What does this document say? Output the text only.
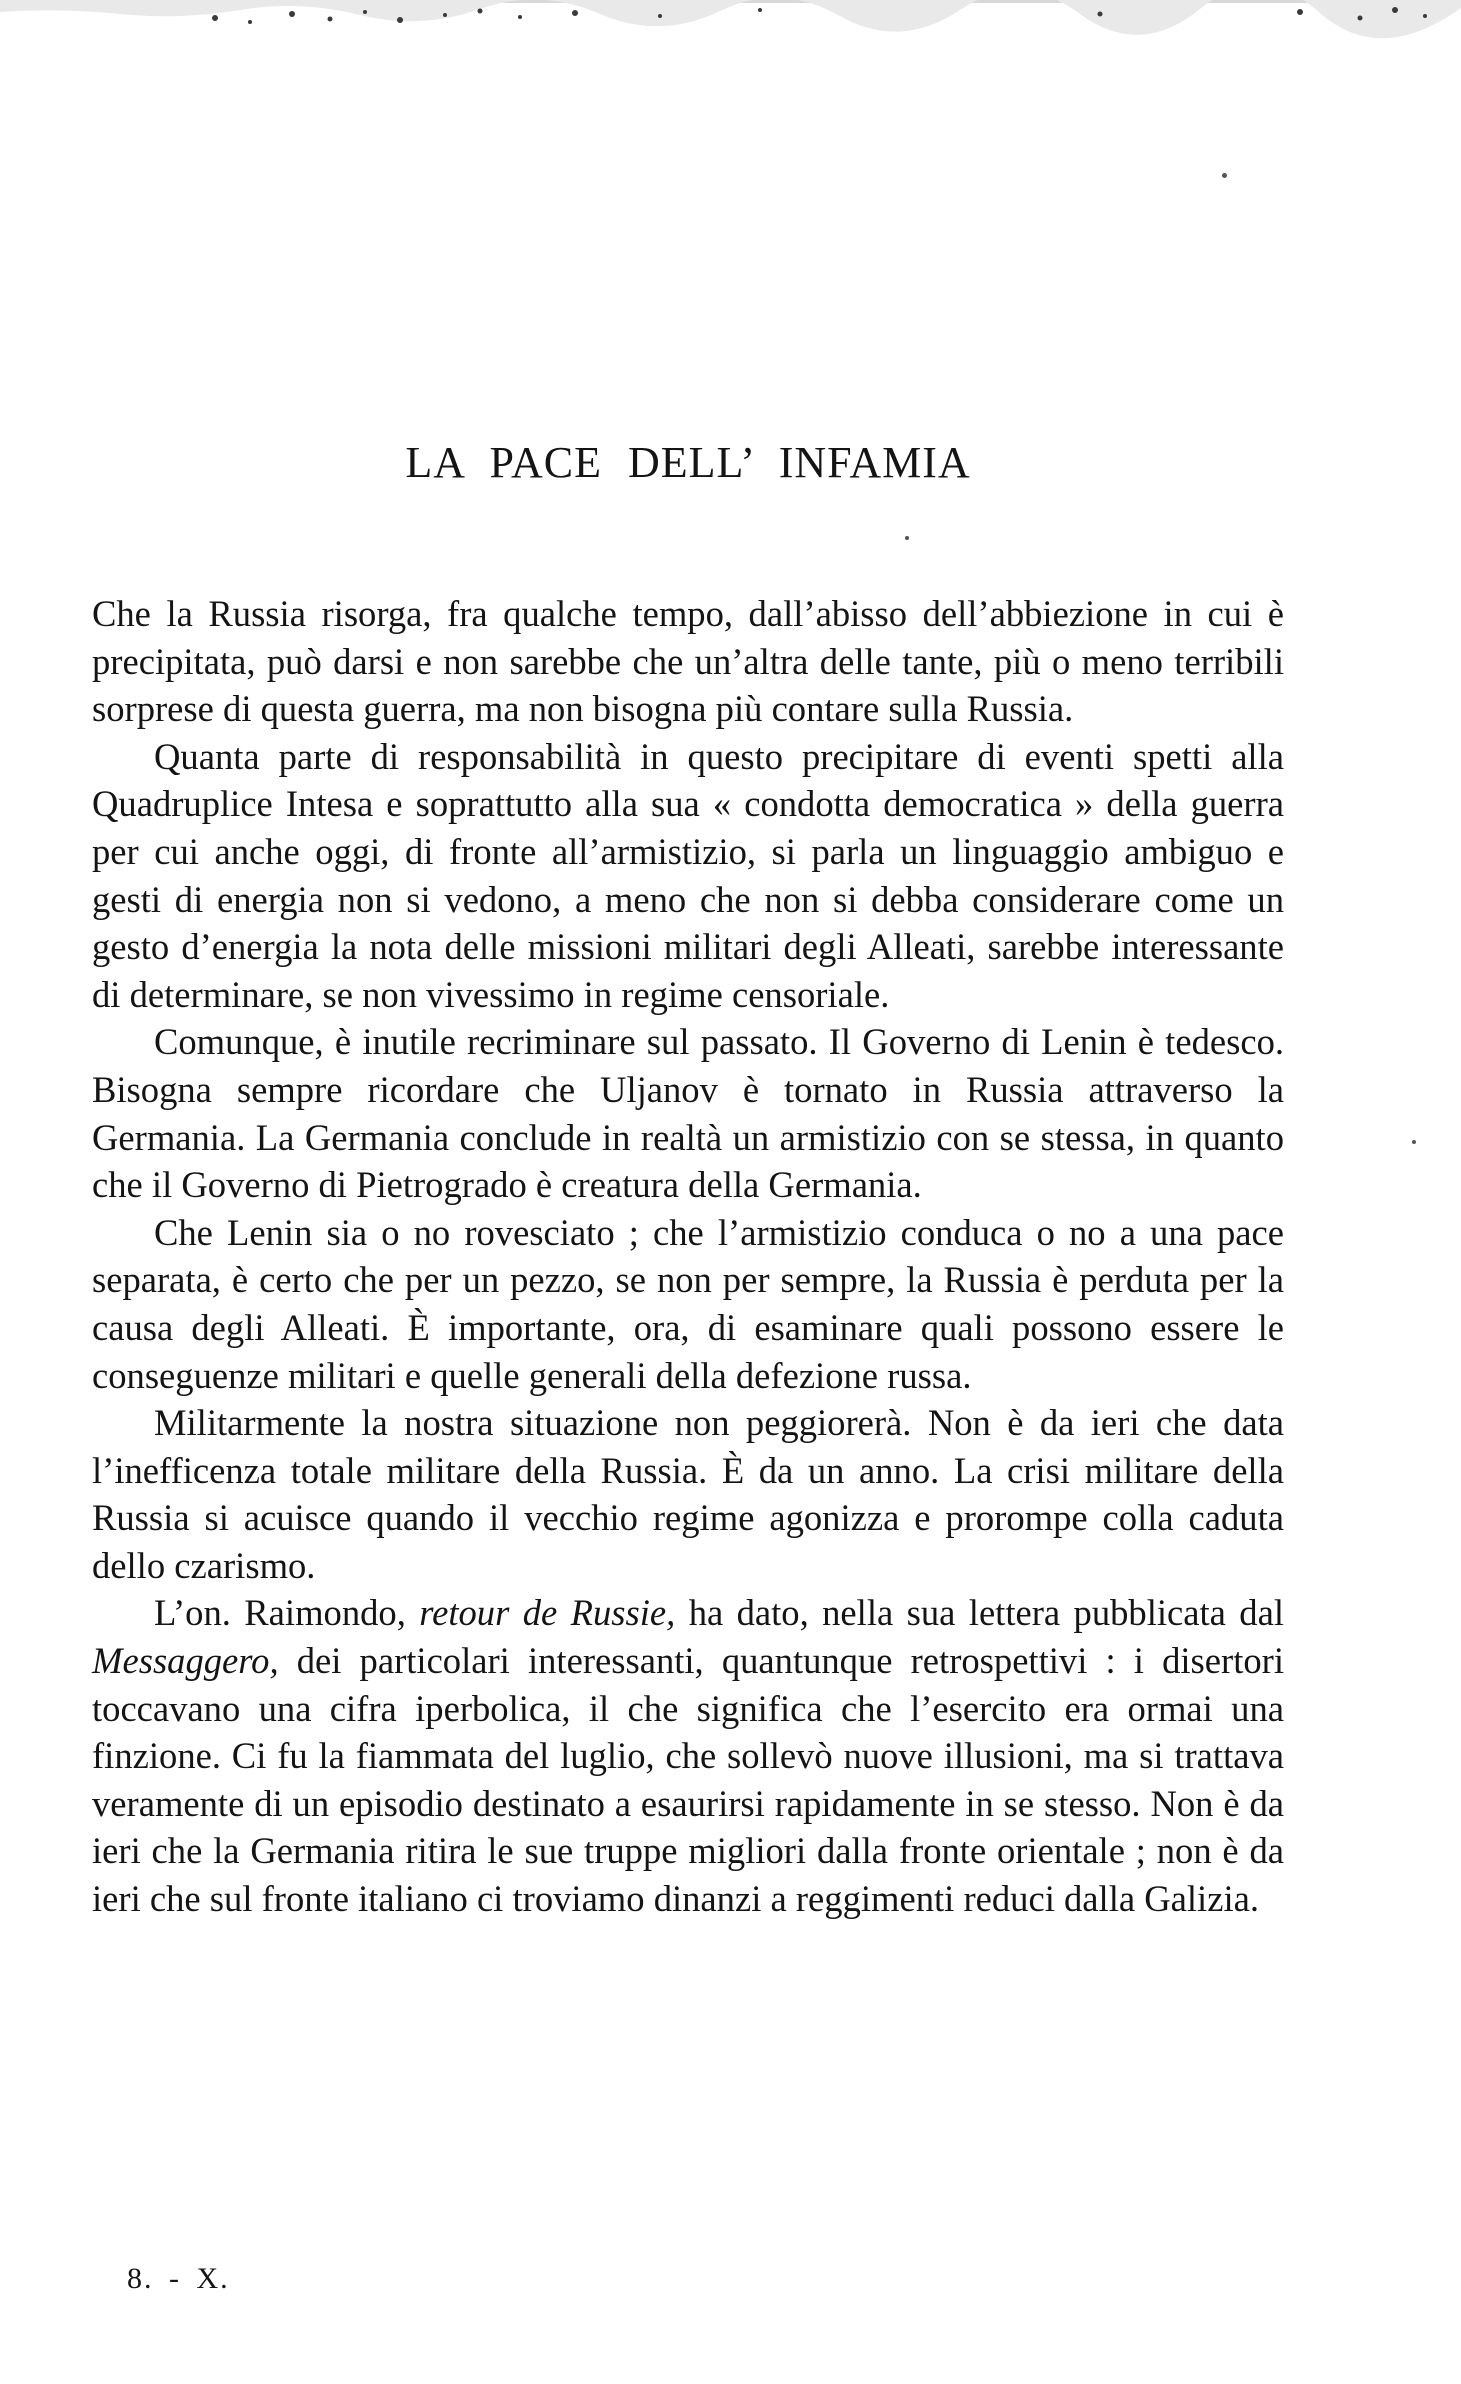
LA PACE DELL’ INFAMIA

Che la Russia risorga, fra qualche tempo, dall’abisso dell’abbiezione in cui è precipitata, può darsi e non sarebbe che un’altra delle tante, più o meno terribili sorprese di questa guerra, ma non bisogna più contare sulla Russia.

Quanta parte di responsabilità in questo precipitare di eventi spetti alla Quadruplice Intesa e soprattutto alla sua « condotta democratica » della guerra per cui anche oggi, di fronte all’armistizio, si parla un linguaggio ambiguo e gesti di energia non si vedono, a meno che non si debba considerare come un gesto d’energia la nota delle missioni militari degli Alleati, sarebbe interessante di determinare, se non vivessimo in regime censoriale.

Comunque, è inutile recriminare sul passato. Il Governo di Lenin è tedesco. Bisogna sempre ricordare che Uljanov è tornato in Russia attraverso la Germania. La Germania conclude in realtà un armistizio con se stessa, in quanto che il Governo di Pietrogrado è creatura della Germania.

Che Lenin sia o no rovesciato ; che l’armistizio conduca o no a una pace separata, è certo che per un pezzo, se non per sempre, la Russia è perduta per la causa degli Alleati. È importante, ora, di esaminare quali possono essere le conseguenze militari e quelle generali della defezione russa.

Militarmente la nostra situazione non peggiorerà. Non è da ieri che data l’inefficenza totale militare della Russia. È da un anno. La crisi militare della Russia si acuisce quando il vecchio regime agonizza e prorompe colla caduta dello czarismo.

L’on. Raimondo, retour de Russie, ha dato, nella sua lettera pubblicata dal Messaggero, dei particolari interessanti, quantunque retrospettivi : i disertori toccavano una cifra iperbolica, il che significa che l’esercito era ormai una finzione. Ci fu la fiammata del luglio, che sollevò nuove illusioni, ma si trattava veramente di un episodio destinato a esaurirsi rapidamente in se stesso. Non è da ieri che la Germania ritira le sue truppe migliori dalla fronte orientale ; non è da ieri che sul fronte italiano ci troviamo dinanzi a reggimenti reduci dalla Galizia.

8. - X.
